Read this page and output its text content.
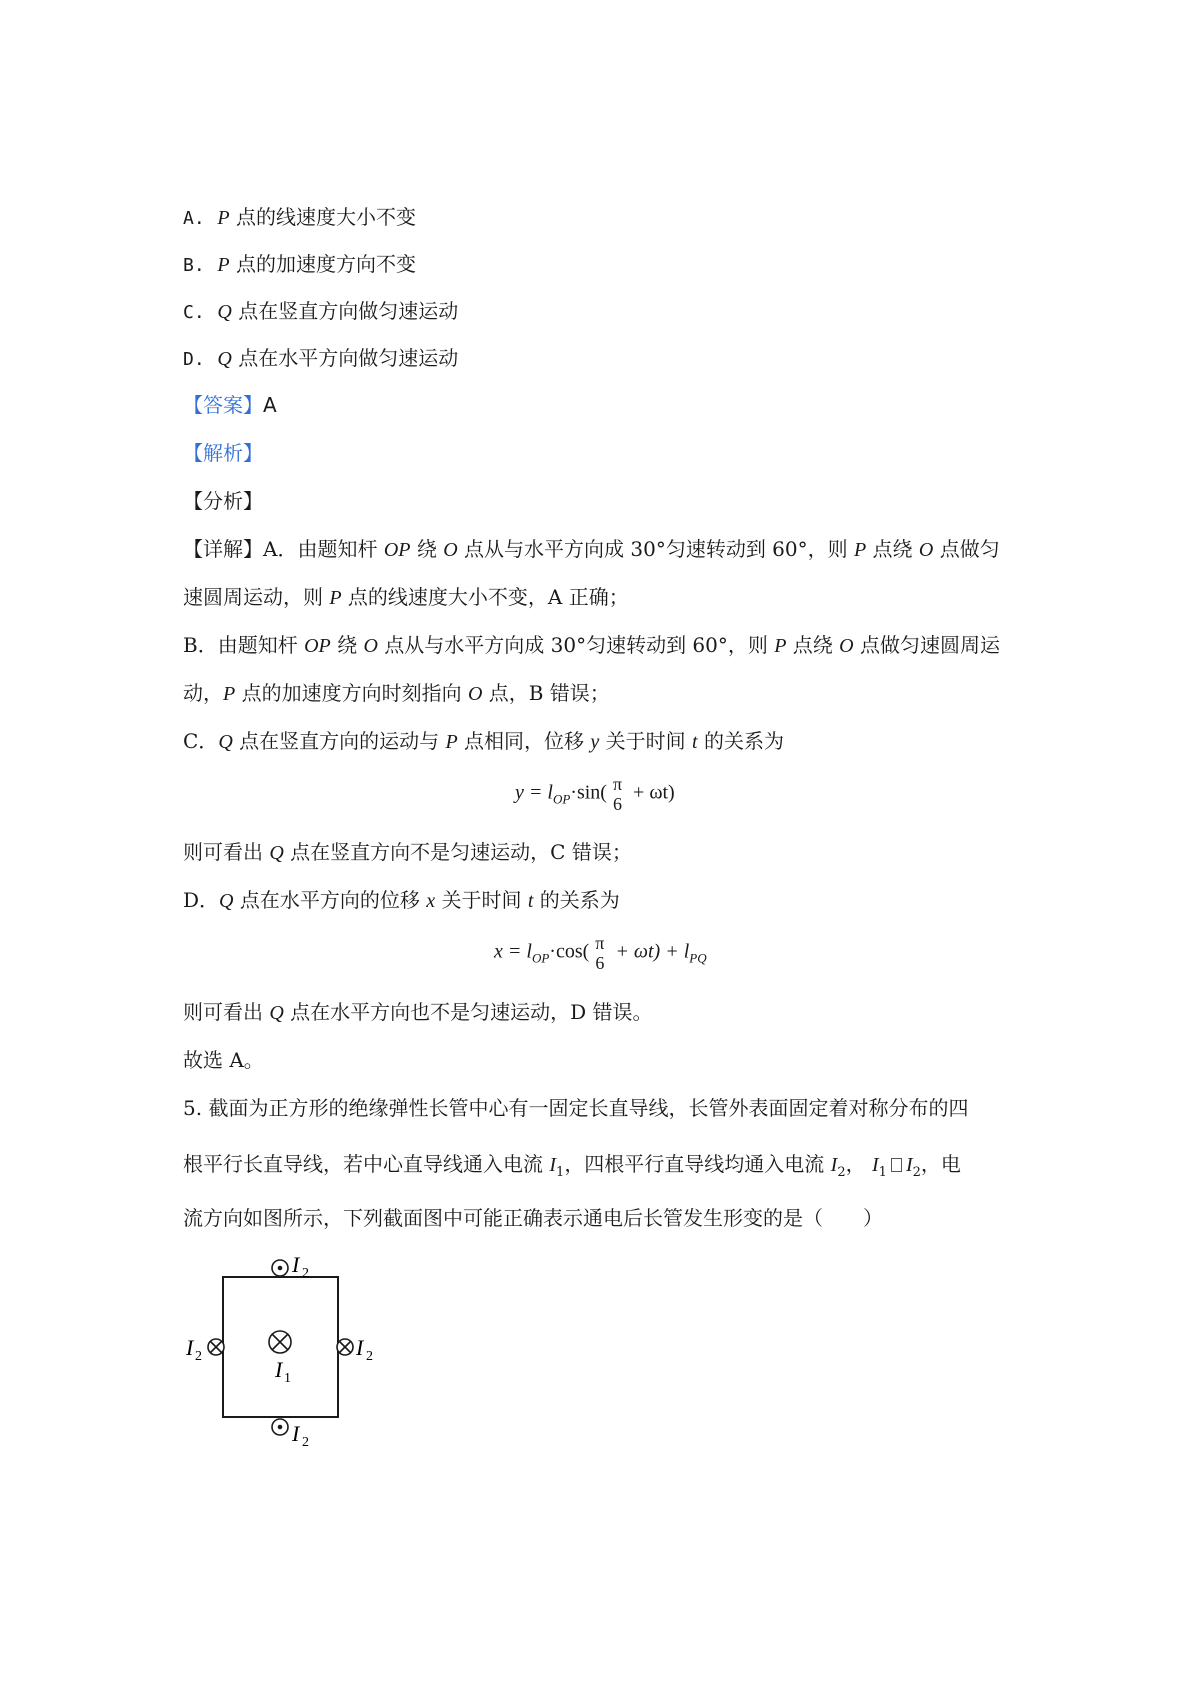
A. P 点的线速度大小不变
B. P 点的加速度方向不变
C. Q 点在竖直方向做匀速运动
D. Q 点在水平方向做匀速运动
【答案】A
【解析】
【分析】
【详解】A．由题知杆 OP 绕 O 点从与水平方向成 30°匀速转动到 60°，则 P 点绕 O 点做匀
速圆周运动，则 P 点的线速度大小不变，A 正确；
B．由题知杆 OP 绕 O 点从与水平方向成 30°匀速转动到 60°，则 P 点绕 O 点做匀速圆周运
动，P 点的加速度方向时刻指向 O 点，B 错误；
C．Q 点在竖直方向的运动与 P 点相同，位移 y 关于时间 t 的关系为
$y = l_{OP}\cdot\sin$( π
6
+ ωt)
则可看出 Q 点在竖直方向不是匀速运动，C 错误；
D．Q 点在水平方向的位移 x 关于时间 t 的关系为
$x = l_{OP}\cdot\cos$( π
6
+ $\omega t) + l_{PQ}$
则可看出 Q 点在水平方向也不是匀速运动，D 错误。
故选 A。
5. 截面为正方形的绝缘弹性长管中心有一固定长直导线，长管外表面固定着对称分布的四
根平行长直导线，若中心直导线通入电流 $I_1$，四根平行直导线均通入电流 $I_2$， $I_1$ $I_2$，电
流方向如图所示，下列截面图中可能正确表示通电后长管发生形变的是（　　）
I 2
I 2
I 2	I 2
I 1
